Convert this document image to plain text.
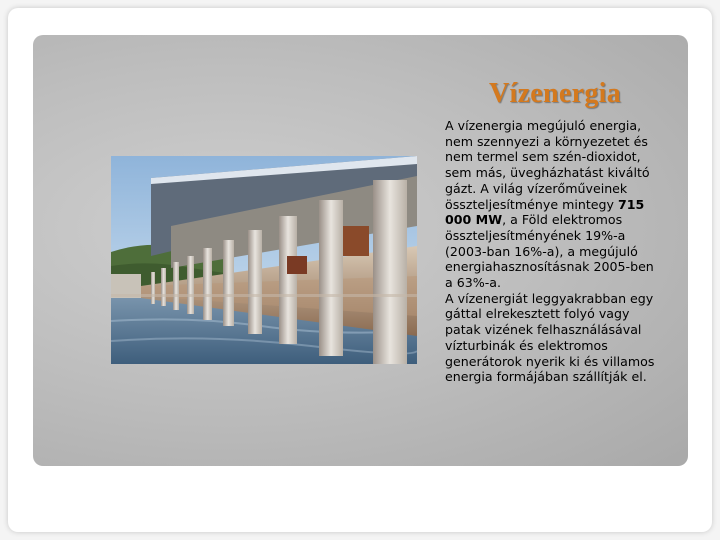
Vízenergia

A vízenergia megújuló energia, nem szennyezi a környezetet és nem termel sem szén-dioxidot, sem más, üvegházhatást kiváltó gázt. A világ vízerőműveinek összteljesítménye mintegy 715 000 MW, a Föld elektromos összteljesítményének 19%-a (2003-ban 16%-a), a megújuló energiahasznosításnak 2005-ben a 63%-a.

A vízenergiát leggyakrabban egy gáttal elrekesztett folyó vagy patak vizének felhasználásával vízturbinák és elektromos generátorok nyerik ki és villamos energia formájában szállítják el.
